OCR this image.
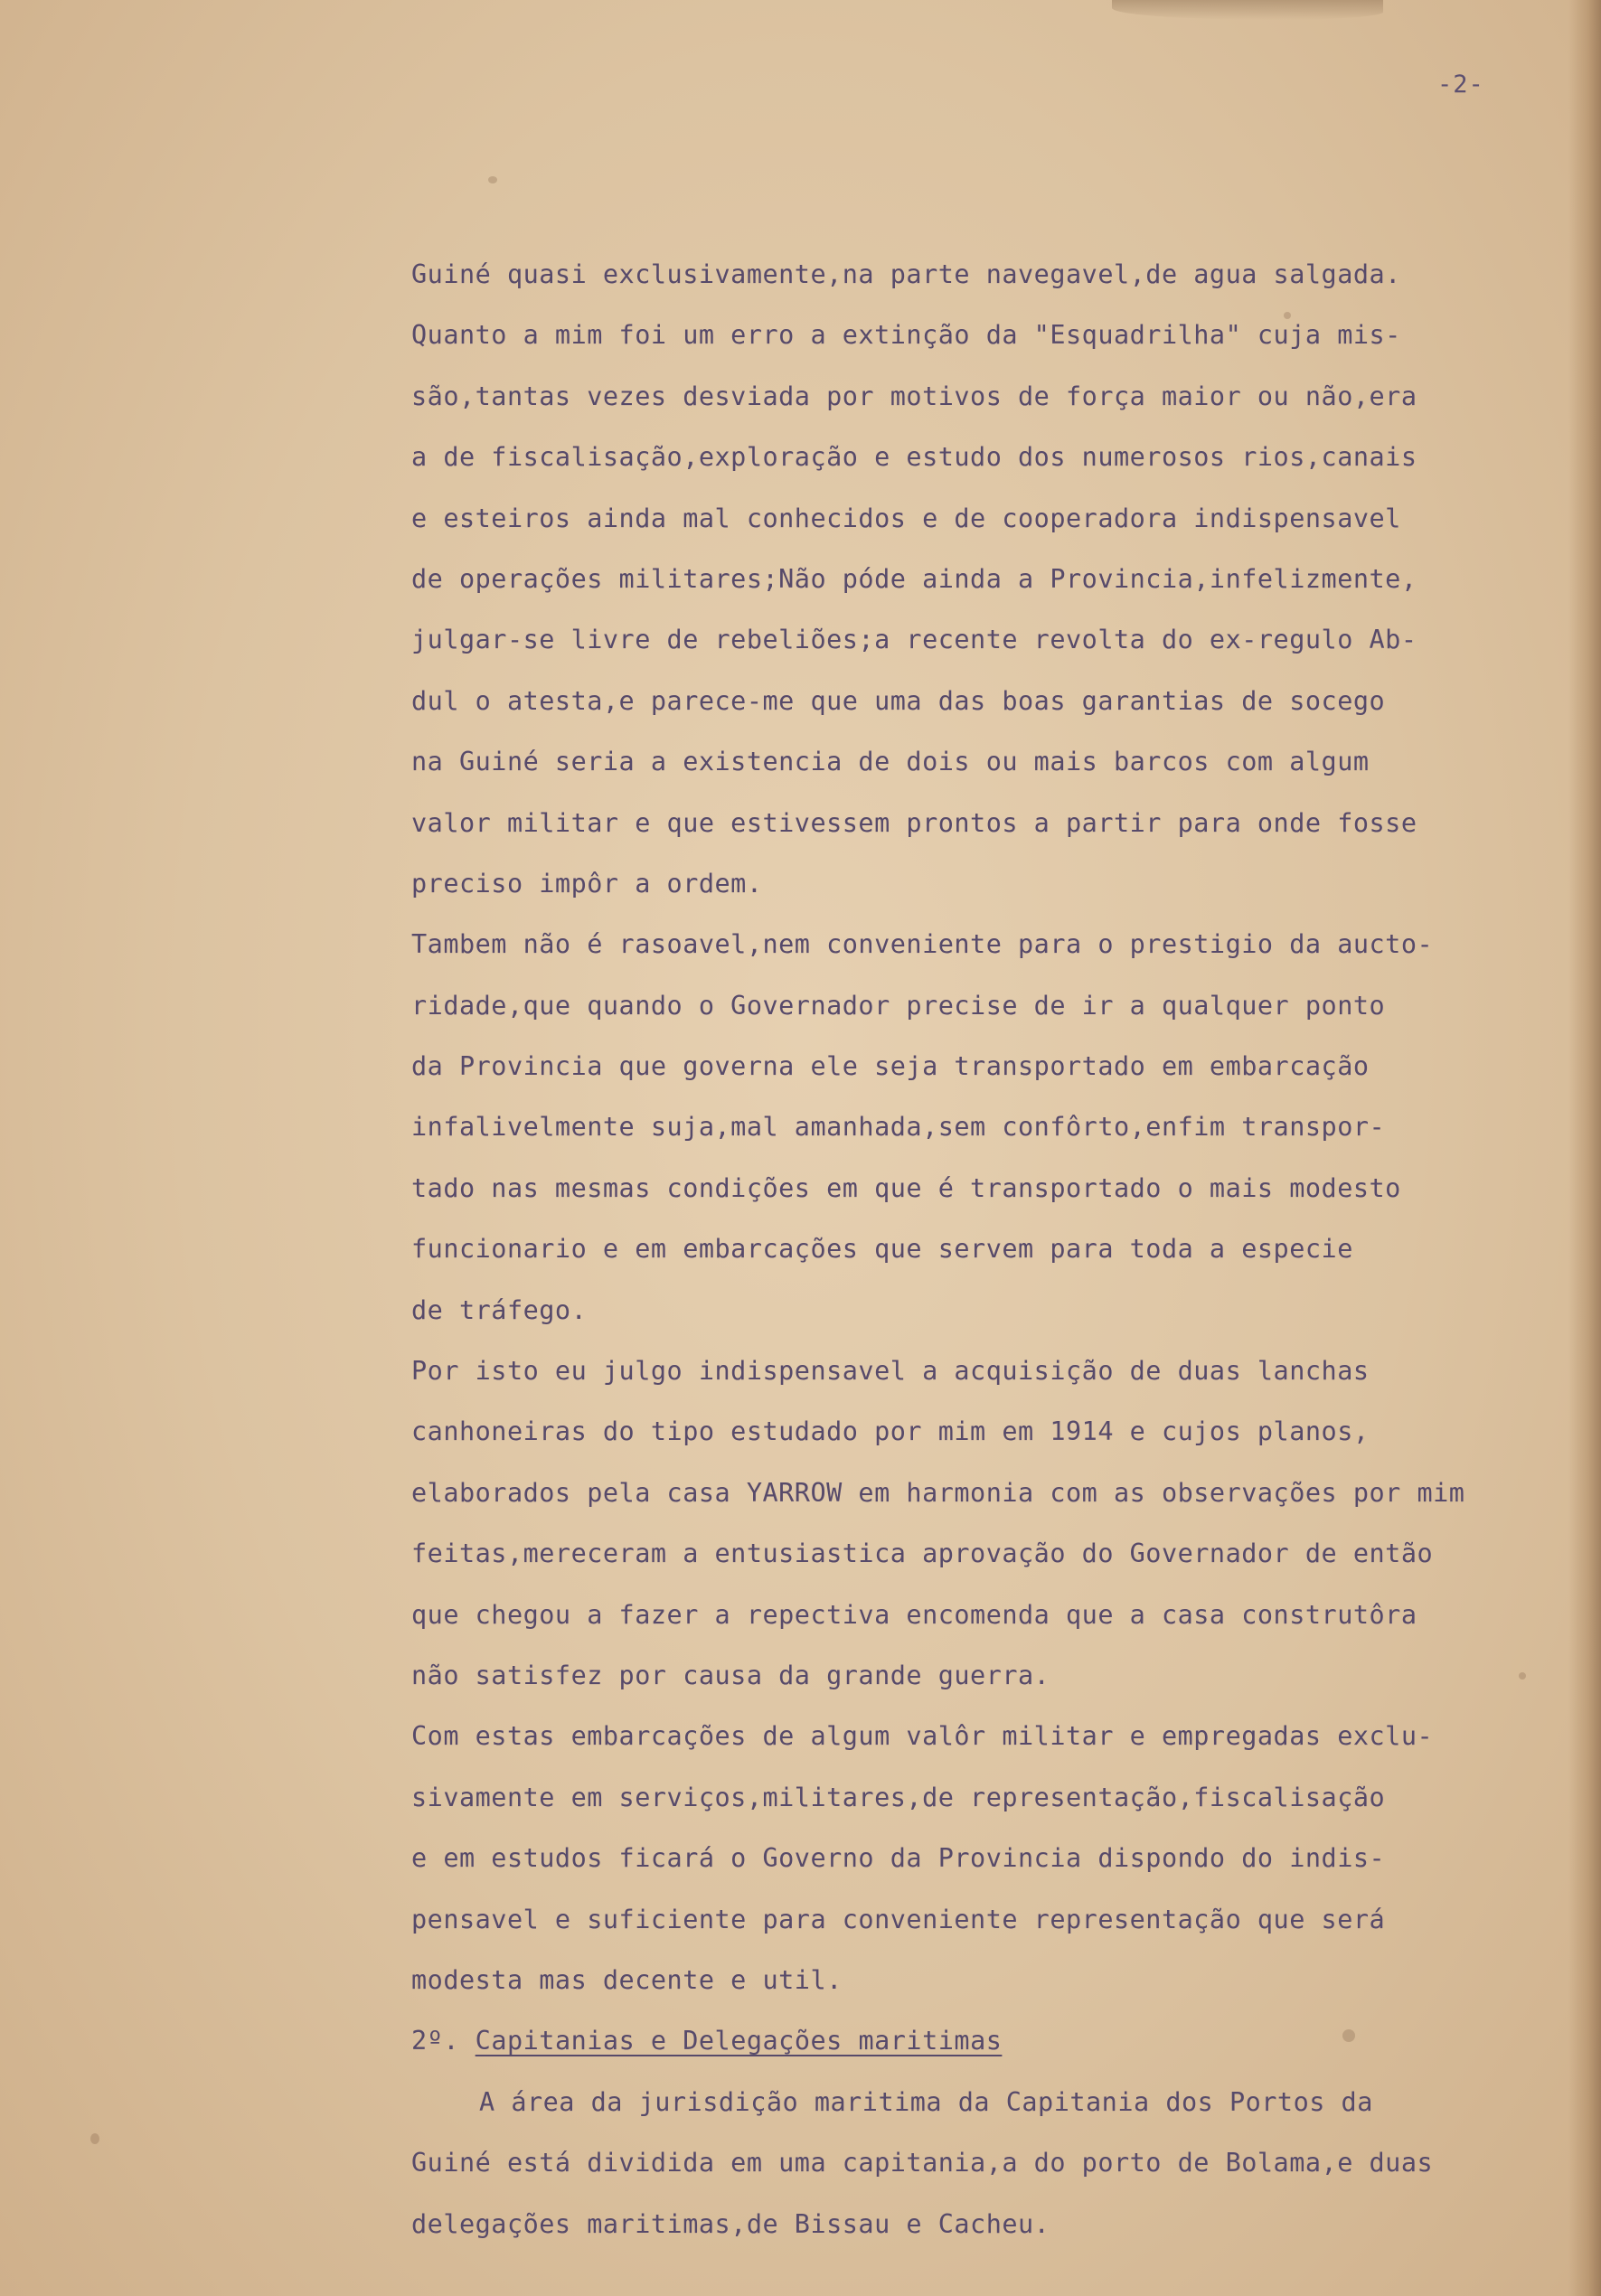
-2-
Guiné quasi exclusivamente,na parte navegavel,de agua salgada.
Quanto a mim foi um erro a extinção da "Esquadrilha" cuja mis-
são,tantas vezes desviada por motivos de força maior ou não,era
a de fiscalisação,exploração e estudo dos numerosos rios,canais
e esteiros ainda mal conhecidos e de cooperadora indispensavel
de operações militares;Não póde ainda a Provincia,infelizmente,
julgar-se livre de rebeliões;a recente revolta do ex-regulo Ab-
dul o atesta,e parece-me que uma das boas garantias de socego
na Guiné seria a existencia de dois ou mais barcos com algum
valor militar e que estivessem prontos a partir para onde fosse
preciso impôr a ordem.
Tambem não é rasoavel,nem conveniente para o prestigio da aucto-
ridade,que quando o Governador precise de ir a qualquer ponto
da Provincia que governa ele seja transportado em embarcação
infalivelmente suja,mal amanhada,sem confôrto,enfim transpor-
tado nas mesmas condições em que é transportado o mais modesto
funcionario e em embarcações que servem para toda a especie
de tráfego.
Por isto eu julgo indispensavel a acquisição de duas lanchas
canhoneiras do tipo estudado por mim em 1914 e cujos planos,
elaborados pela casa YARROW em harmonia com as observações por mim
feitas,mereceram a entusiastica aprovação do Governador de então
que chegou a fazer a repectiva encomenda que a casa construtôra
não satisfez por causa da grande guerra.
Com estas embarcações de algum valôr militar e empregadas exclu-
sivamente em serviços,militares,de representação,fiscalisação
e em estudos ficará o Governo da Provincia dispondo do indis-
pensavel e suficiente para conveniente representação que será
modesta mas decente e util.
2º. Capitanias e Delegações maritimas
A área da jurisdição maritima da Capitania dos Portos da
Guiné está dividida em uma capitania,a do porto de Bolama,e duas
delegações maritimas,de Bissau e Cacheu.
